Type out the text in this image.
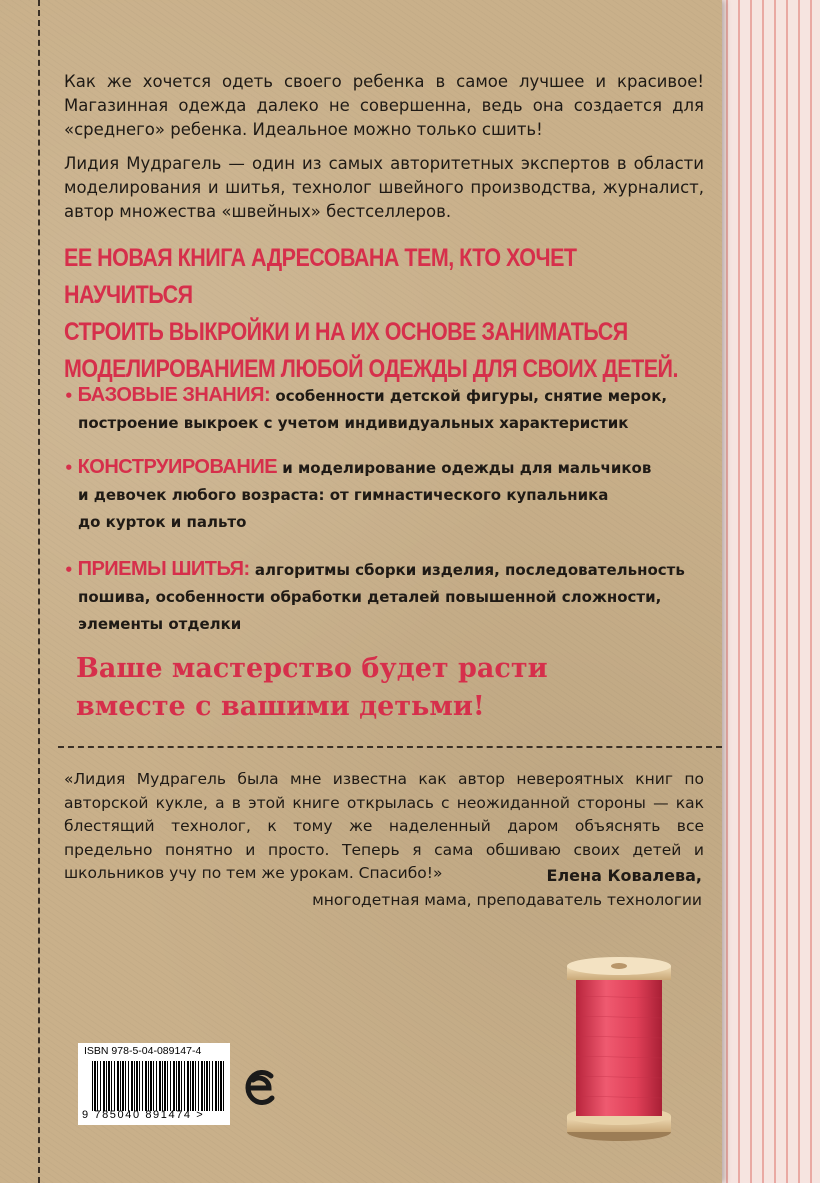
Как же хочется одеть своего ребенка в самое лучшее и красивое! Магазинная одежда далеко не совершенна, ведь она создается для «среднего» ребенка. Идеальное можно только сшить!
Лидия Мудрагель — один из самых авторитетных экспертов в области моделирования и шитья, технолог швейного производства, журналист, автор множества «швейных» бестселлеров.
ЕЕ НОВАЯ КНИГА АДРЕСОВАНА ТЕМ, КТО ХОЧЕТ НАУЧИТЬСЯ
СТРОИТЬ ВЫКРОЙКИ И НА ИХ ОСНОВЕ ЗАНИМАТЬСЯ
МОДЕЛИРОВАНИЕМ ЛЮБОЙ ОДЕЖДЫ ДЛЯ СВОИХ ДЕТЕЙ.
• БАЗОВЫЕ ЗНАНИЯ: особенности детской фигуры, снятие мерок,
построение выкроек с учетом индивидуальных характеристик
• КОНСТРУИРОВАНИЕ и моделирование одежды для мальчиков
и девочек любого возраста: от гимнастического купальника
до курток и пальто
• ПРИЕМЫ ШИТЬЯ: алгоритмы сборки изделия, последовательность
пошива, особенности обработки деталей повышенной сложности,
элементы отделки
Ваше мастерство будет расти
вместе с вашими детьми!
«Лидия Мудрагель была мне известна как автор невероятных книг по авторской кукле, а в этой книге открылась с неожиданной стороны — как блестящий технолог, к тому же наделенный даром объяснять все предельно понятно и просто. Теперь я сама обшиваю своих детей и школьников учу по тем же урокам. Спасибо!»	Елена Ковалева,
многодетная мама, преподаватель технологии
ISBN 978-5-04-089147-4
9 785040 891474 >
